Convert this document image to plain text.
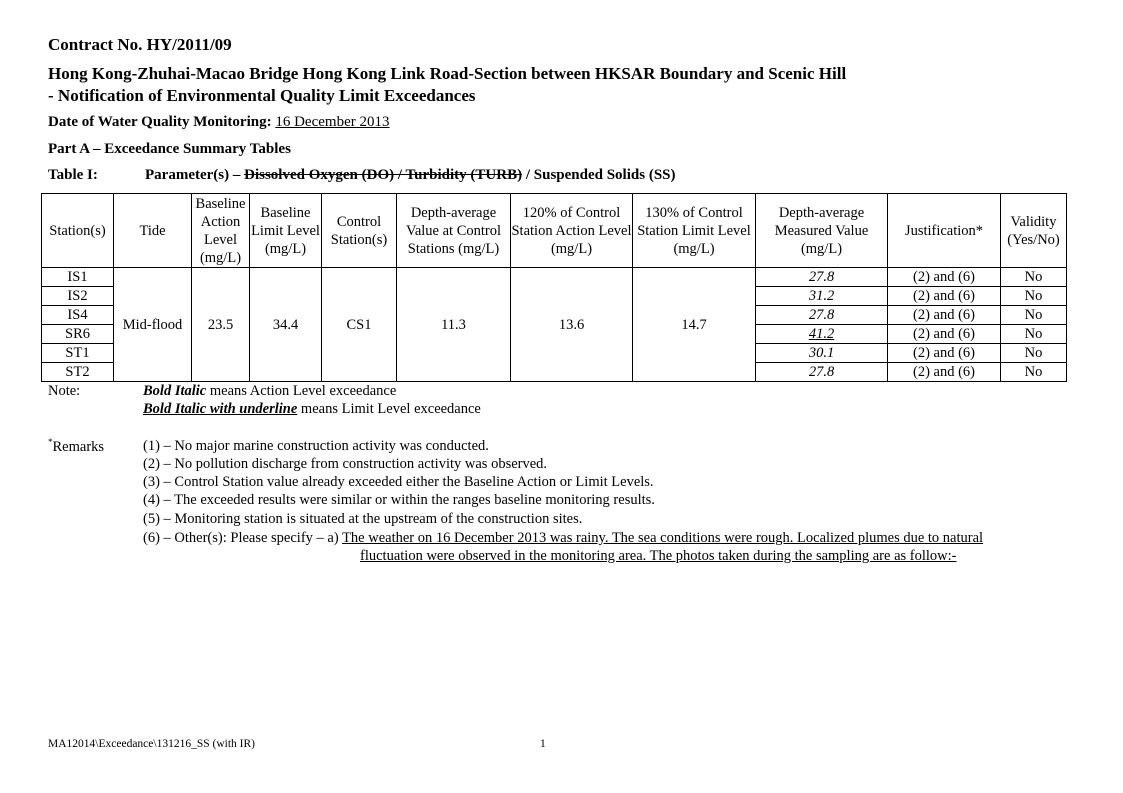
Contract No. HY/2011/09
Hong Kong-Zhuhai-Macao Bridge Hong Kong Link Road-Section between HKSAR Boundary and Scenic Hill
- Notification of Environmental Quality Limit Exceedances
Date of Water Quality Monitoring: 16 December 2013
Part A – Exceedance Summary Tables
Table I:	Parameter(s) – Dissolved Oxygen (DO) / Turbidity (TURB) / Suspended Solids (SS)
Station(s)	Tide	Baseline Action Level (mg/L)	Baseline Limit Level (mg/L)	Control Station(s)	Depth-average Value at Control Stations (mg/L)	120% of Control Station Action Level (mg/L)	130% of Control Station Limit Level (mg/L)	Depth-average Measured Value (mg/L)	Justification*	Validity (Yes/No)
IS1	Mid-flood	23.5	34.4	CS1	11.3	13.6	14.7	27.8	(2) and (6)	No
IS2								31.2	(2) and (6)	No
IS4								27.8	(2) and (6)	No
SR6								41.2	(2) and (6)	No
ST1								30.1	(2) and (6)	No
ST2								27.8	(2) and (6)	No
Note:	Bold Italic means Action Level exceedance
Bold Italic with underline means Limit Level exceedance
*Remarks	(1) – No major marine construction activity was conducted.
(2) – No pollution discharge from construction activity was observed.
(3) – Control Station value already exceeded either the Baseline Action or Limit Levels.
(4) – The exceeded results were similar or within the ranges baseline monitoring results.
(5) – Monitoring station is situated at the upstream of the construction sites.
(6) – Other(s): Please specify – a) The weather on 16 December 2013 was rainy. The sea conditions were rough. Localized plumes due to natural
fluctuation were observed in the monitoring area. The photos taken during the sampling are as follow:-
MA12014\Exceedance\131216_SS (with IR)	1
